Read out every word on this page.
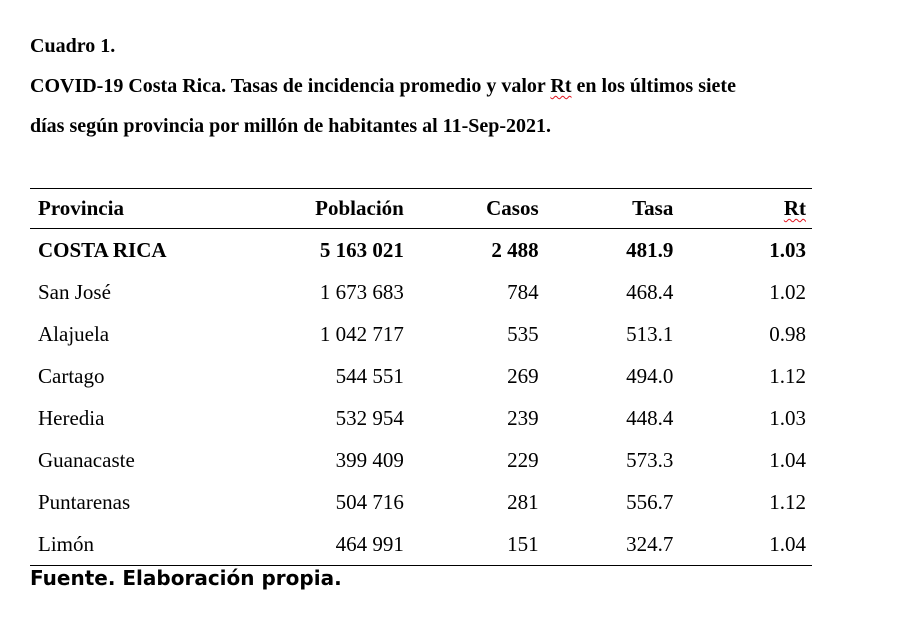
Cuadro 1.
COVID-19 Costa Rica. Tasas de incidencia promedio y valor Rt en los últimos siete
días según provincia por millón de habitantes al 11-Sep-2021.
Provincia	Población	Casos	Tasa	Rt
COSTA RICA	5 163 021	2 488	481.9	1.03
San José	1 673 683	784	468.4	1.02
Alajuela	1 042 717	535	513.1	0.98
Cartago	544 551	269	494.0	1.12
Heredia	532 954	239	448.4	1.03
Guanacaste	399 409	229	573.3	1.04
Puntarenas	504 716	281	556.7	1.12
Limón	464 991	151	324.7	1.04
Fuente. Elaboración propia.
